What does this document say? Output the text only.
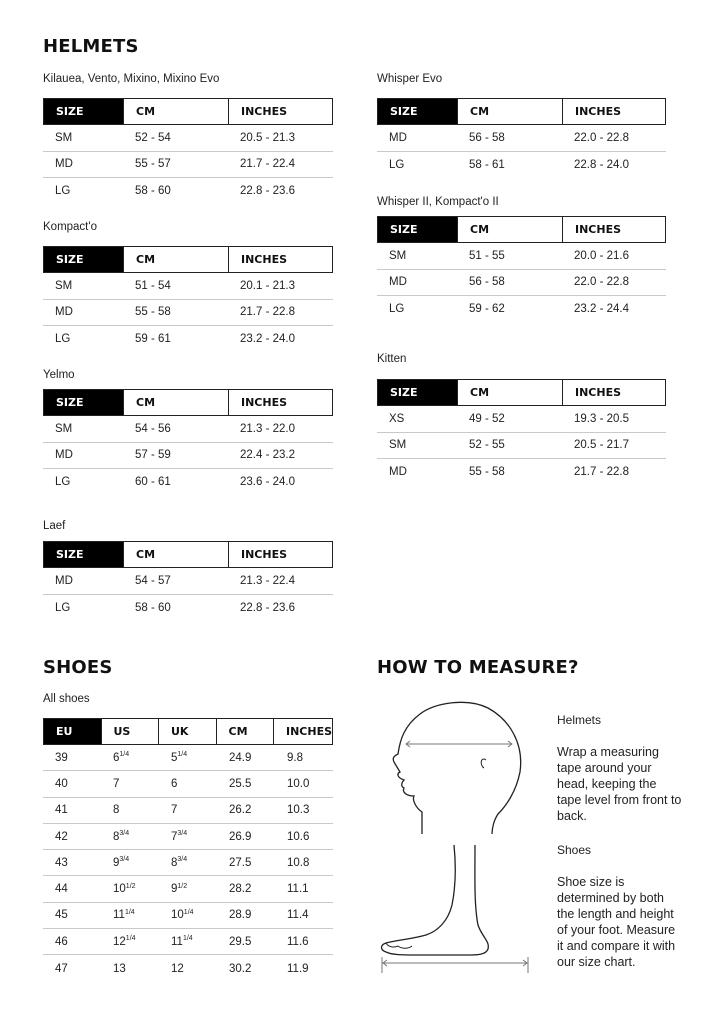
HELMETS
Kilauea, Vento, Mixino, Mixino Evo
SIZE	CM	INCHES
SM	52 - 54	20.5 - 21.3
MD	55 - 57	21.7 - 22.4
LG	58 - 60	22.8 - 23.6
Kompact'o
SIZE	CM	INCHES
SM	51 - 54	20.1 - 21.3
MD	55 - 58	21.7 - 22.8
LG	59 - 61	23.2 - 24.0
Yelmo
SIZE	CM	INCHES
SM	54 - 56	21.3 - 22.0
MD	57 - 59	22.4 - 23.2
LG	60 - 61	23.6 - 24.0
Laef
SIZE	CM	INCHES
MD	54 - 57	21.3 - 22.4
LG	58 - 60	22.8 - 23.6
Whisper Evo
SIZE	CM	INCHES
MD	56 - 58	22.0 - 22.8
LG	58 - 61	22.8 - 24.0
Whisper II, Kompact'o II
SIZE	CM	INCHES
SM	51 - 55	20.0 - 21.6
MD	56 - 58	22.0 - 22.8
LG	59 - 62	23.2 - 24.4
Kitten
SIZE	CM	INCHES
XS	49 - 52	19.3 - 20.5
SM	52 - 55	20.5 - 21.7
MD	55 - 58	21.7 - 22.8
SHOES
All shoes
EU	US	UK	CM	INCHES
39	$6^{1/4}$	$5^{1/4}$	24.9	9.8
40	7	6	25.5	10.0
41	8	7	26.2	10.3
42	$8^{3/4}$	$7^{3/4}$	26.9	10.6
43	$9^{3/4}$	$8^{3/4}$	27.5	10.8
44	$10^{1/2}$	$9^{1/2}$	28.2	11.1
45	$11^{1/4}$	$10^{1/4}$	28.9	11.4
46	$12^{1/4}$	$11^{1/4}$	29.5	11.6
47	13	12	30.2	11.9
HOW TO MEASURE?
Helmets
Wrap a measuring tape around your head, keeping the tape level from front to back.
Shoes
Shoe size is determined by both the length and height of your foot. Measure it and compare it with our size chart.
